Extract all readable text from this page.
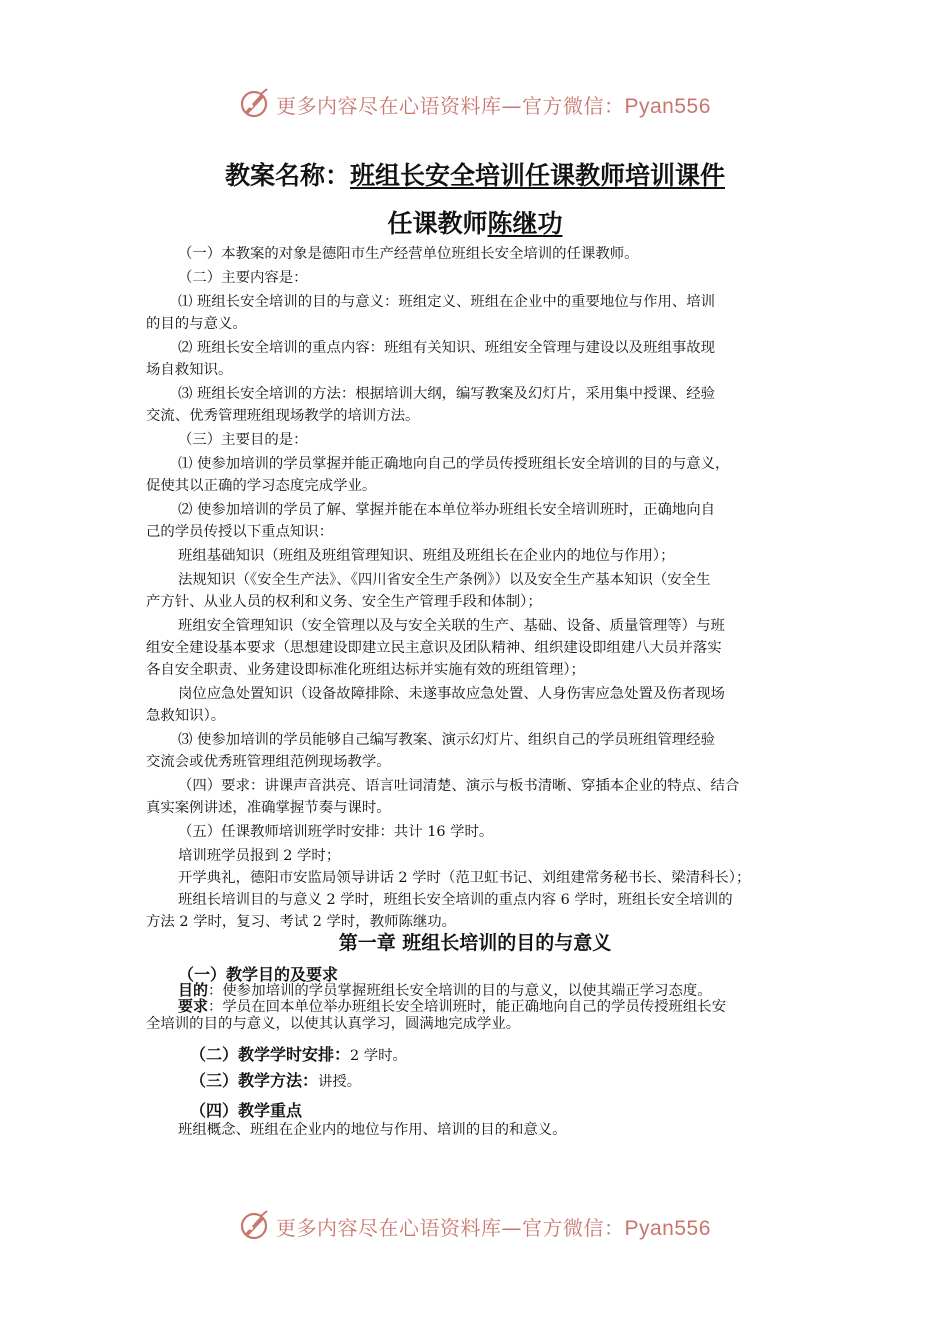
更多内容尽在心语资料库—官方微信：Pyan556
教案名称：班组长安全培训任课教师培训课件
任课教师陈继功
（一）本教案的对象是德阳市生产经营单位班组长安全培训的任课教师。
（二）主要内容是：
⑴ 班组长安全培训的目的与意义：班组定义、班组在企业中的重要地位与作用、培训
的目的与意义。
⑵ 班组长安全培训的重点内容：班组有关知识、班组安全管理与建设以及班组事故现
场自救知识。
⑶ 班组长安全培训的方法：根据培训大纲，编写教案及幻灯片，采用集中授课、经验
交流、优秀管理班组现场教学的培训方法。
（三）主要目的是：
⑴ 使参加培训的学员掌握并能正确地向自己的学员传授班组长安全培训的目的与意义，
促使其以正确的学习态度完成学业。
⑵ 使参加培训的学员了解、掌握并能在本单位举办班组长安全培训班时，正确地向自
己的学员传授以下重点知识：
班组基础知识（班组及班组管理知识、班组及班组长在企业内的地位与作用）；
法规知识（《安全生产法》、《四川省安全生产条例》）以及安全生产基本知识（安全生
产方针、从业人员的权利和义务、安全生产管理手段和体制）；
班组安全管理知识（安全管理以及与安全关联的生产、基础、设备、质量管理等）与班
组安全建设基本要求（思想建设即建立民主意识及团队精神、组织建设即组建八大员并落实
各自安全职责、业务建设即标准化班组达标并实施有效的班组管理）；
岗位应急处置知识（设备故障排除、未遂事故应急处置、人身伤害应急处置及伤者现场
急救知识）。
⑶ 使参加培训的学员能够自己编写教案、演示幻灯片、组织自己的学员班组管理经验
交流会或优秀班管理组范例现场教学。
（四）要求：讲课声音洪亮、语言吐词清楚、演示与板书清晰、穿插本企业的特点、结合
真实案例讲述，准确掌握节奏与课时。
（五）任课教师培训班学时安排：共计 16 学时。
培训班学员报到 2 学时；
开学典礼，德阳市安监局领导讲话 2 学时（范卫虹书记、刘组建常务秘书长、梁清科长）；
班组长培训目的与意义 2 学时，班组长安全培训的重点内容 6 学时，班组长安全培训的
方法 2 学时，复习、考试 2 学时，教师陈继功。
第一章 班组长培训的目的与意义
（一）教学目的及要求
目的：使参加培训的学员掌握班组长安全培训的目的与意义，以使其端正学习态度。
要求：学员在回本单位举办班组长安全培训班时，能正确地向自己的学员传授班组长安
全培训的目的与意义，以使其认真学习，圆满地完成学业。
（二）教学学时安排：2 学时。
（三）教学方法：讲授。
（四）教学重点
班组概念、班组在企业内的地位与作用、培训的目的和意义。
更多内容尽在心语资料库—官方微信：Pyan556
